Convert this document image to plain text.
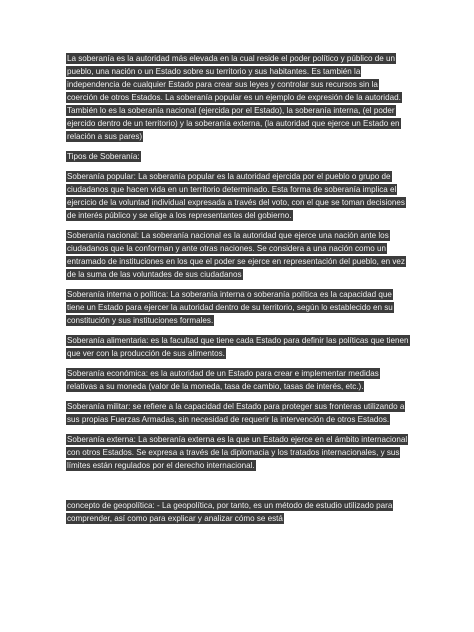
La soberanía es la autoridad más elevada en la cual reside el poder político y público de un pueblo, una nación o un Estado sobre su territorio y sus habitantes. Es también la independencia de cualquier Estado para crear sus leyes y controlar sus recursos sin la coerción de otros Estados. La soberanía popular es un ejemplo de expresión de la autoridad. También lo es la soberanía nacional (ejercida por el Estado), la soberanía interna, (el poder ejercido dentro de un territorio) y la soberanía externa, (la autoridad que ejerce un Estado en relación a sus pares)

Tipos de Soberanía:

Soberanía popular: La soberanía popular es la autoridad ejercida por el pueblo o grupo de ciudadanos que hacen vida en un territorio determinado. Esta forma de soberanía implica el ejercicio de la voluntad individual expresada a través del voto, con el que se toman decisiones de interés público y se elige a los representantes del gobierno.

Soberanía nacional: La soberanía nacional es la autoridad que ejerce una nación ante los ciudadanos que la conforman y ante otras naciones. Se considera a una nación como un entramado de instituciones en los que el poder se ejerce en representación del pueblo, en vez de la suma de las voluntades de sus ciudadanos

Soberanía interna o política: La soberanía interna o soberanía política es la capacidad que tiene un Estado para ejercer la autoridad dentro de su territorio, según lo establecido en su constitución y sus instituciones formales.

Soberanía alimentaria: es la facultad que tiene cada Estado para definir las políticas que tienen que ver con la producción de sus alimentos.

Soberanía económica: es la autoridad de un Estado para crear e implementar medidas relativas a su moneda (valor de la moneda, tasa de cambio, tasas de interés, etc.).

Soberanía militar: se refiere a la capacidad del Estado para proteger sus fronteras utilizando a sus propias Fuerzas Armadas, sin necesidad de requerir la intervención de otros Estados.

Soberanía externa: La soberanía externa es la que un Estado ejerce en el ámbito internacional con otros Estados. Se expresa a través de la diplomacia y los tratados internacionales, y sus límites están regulados por el derecho internacional.

concepto de geopolítica: - La geopolítica, por tanto, es un método de estudio utilizado para comprender, así como para explicar y analizar cómo se está
